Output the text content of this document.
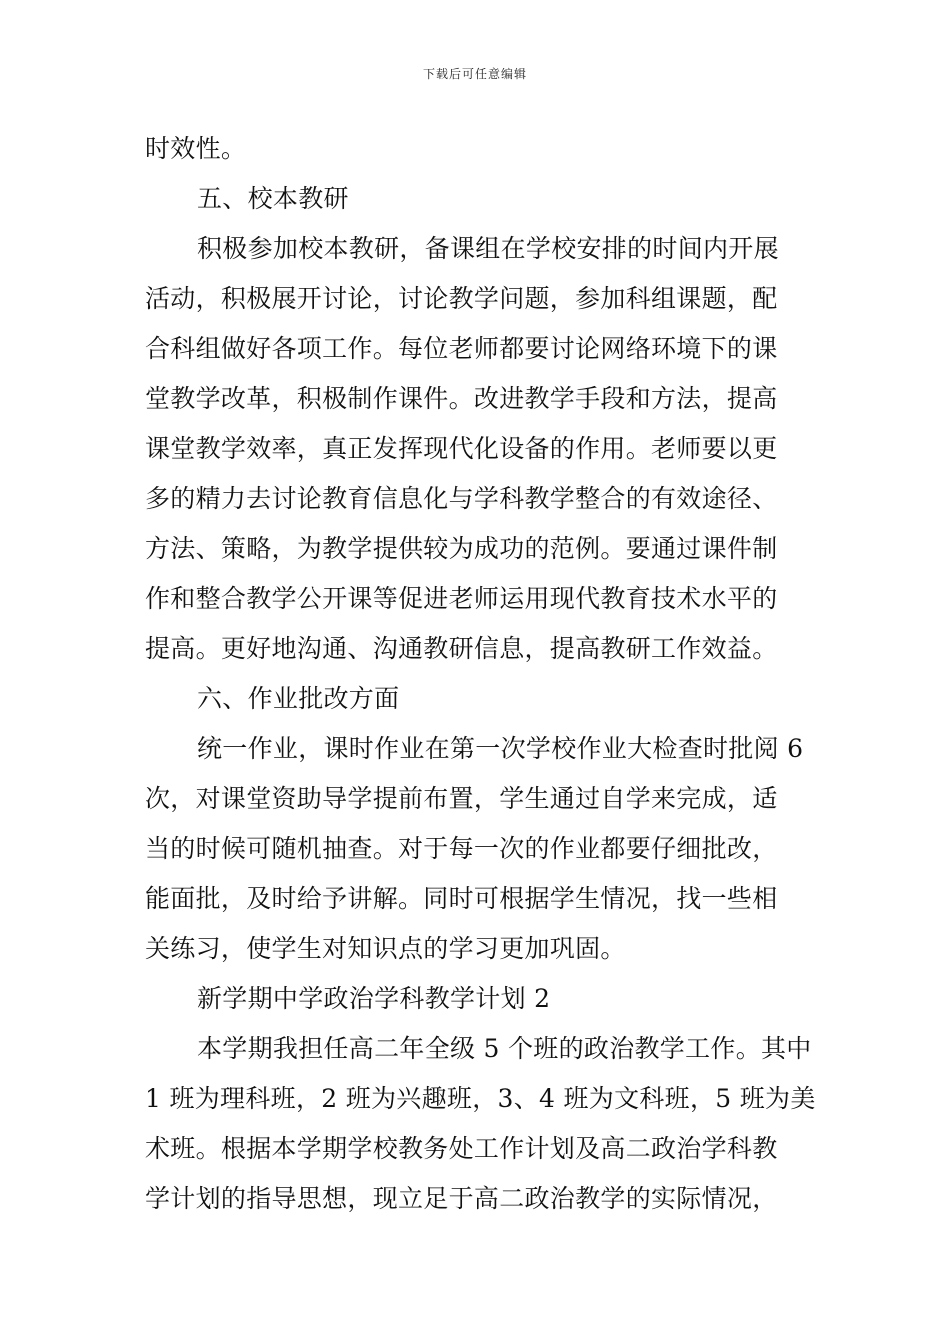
下载后可任意编辑
时效性。
五、校本教研
积极参加校本教研，备课组在学校安排的时间内开展
活动，积极展开讨论，讨论教学问题，参加科组课题，配
合科组做好各项工作。每位老师都要讨论网络环境下的课
堂教学改革，积极制作课件。改进教学手段和方法，提高
课堂教学效率，真正发挥现代化设备的作用。老师要以更
多的精力去讨论教育信息化与学科教学整合的有效途径、
方法、策略，为教学提供较为成功的范例。要通过课件制
作和整合教学公开课等促进老师运用现代教育技术水平的
提高。更好地沟通、沟通教研信息，提高教研工作效益。
六、作业批改方面
统一作业，课时作业在第一次学校作业大检查时批阅 6
次，对课堂资助导学提前布置，学生通过自学来完成，适
当的时候可随机抽查。对于每一次的作业都要仔细批改，
能面批，及时给予讲解。同时可根据学生情况，找一些相
关练习，使学生对知识点的学习更加巩固。
新学期中学政治学科教学计划 2
本学期我担任高二年全级 5 个班的政治教学工作。其中
1 班为理科班，2 班为兴趣班，3、4 班为文科班，5 班为美
术班。根据本学期学校教务处工作计划及高二政治学科教
学计划的指导思想，现立足于高二政治教学的实际情况，
